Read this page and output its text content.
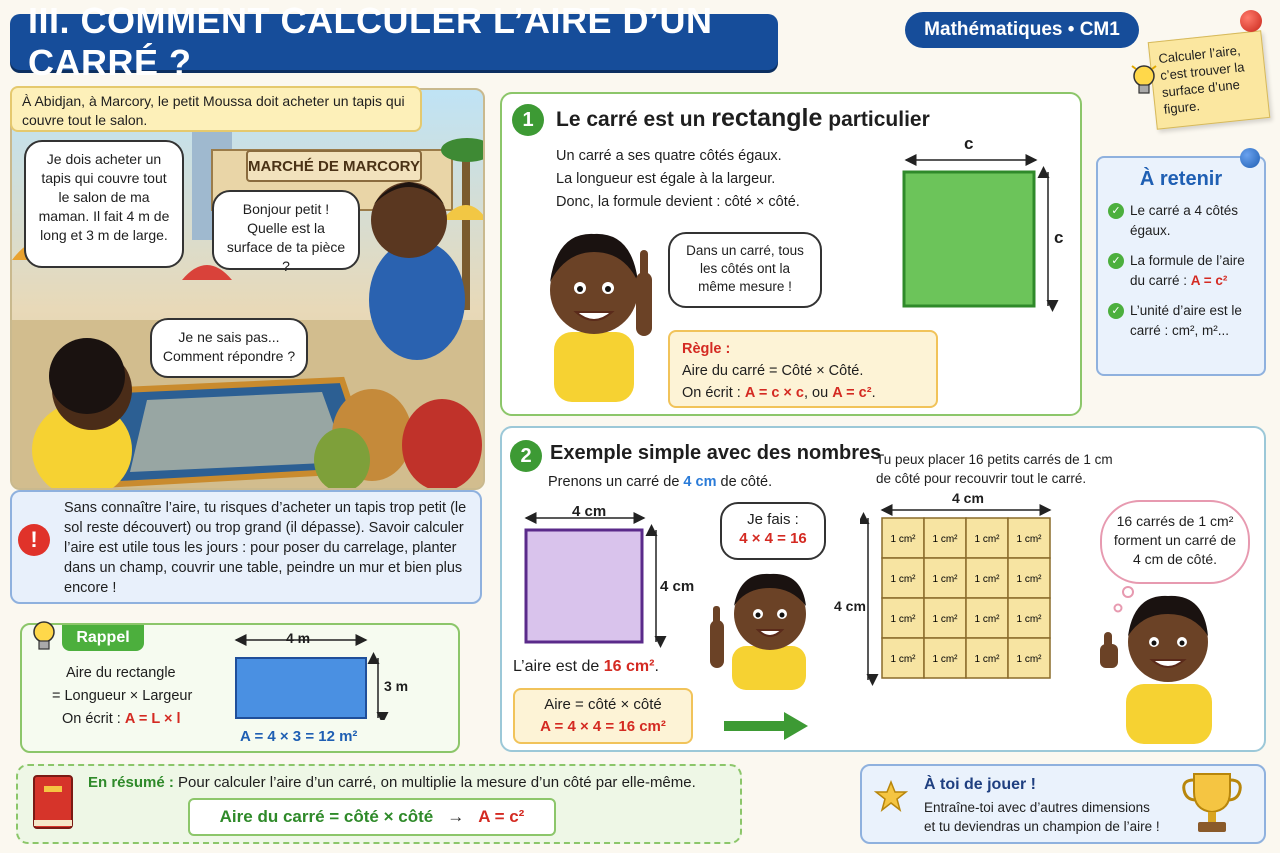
III. COMMENT CALCULER L’AIRE D’UN CARRÉ ?
Mathématiques • CM1
Calculer l’aire, c’est trouver la surface d’une figure.
À Abidjan, à Marcory, le petit Moussa doit acheter un tapis qui couvre tout le salon.
MARCHÉ DE MARCORY
Je dois acheter un tapis qui couvre tout le salon de ma maman. Il fait 4 m de long et 3 m de large.
Bonjour petit ! Quelle est la surface de ta pièce ?
Je ne sais pas... Comment répondre ?
Sans connaître l’aire, tu risques d’acheter un tapis trop petit (le sol reste découvert) ou trop grand (il dépasse). Savoir calculer l’aire est utile tous les jours : pour poser du carrelage, planter dans un champ, couvrir une table, peindre un mur et bien plus encore !
!
Rappel
Aire du rectangle
= Longueur × Largeur
On écrit : A = L × l
4 m
3 m
A = 4 × 3 = 12 m²
1	Le carré est un rectangle particulier
Un carré a ses quatre côtés égaux.
La longueur est égale à la largeur.
Donc, la formule devient : côté × côté.
Dans un carré, tous les côtés ont la même mesure !
Règle :
Aire du carré = Côté × Côté.
On écrit : A = c × c, ou A = c².
c
c
À retenir
✓ Le carré a 4 côtés égaux.
✓ La formule de l’aire du carré : A = c²
✓ L’unité d’aire est le carré : cm², m²...
2 Exemple simple avec des nombres
Prenons un carré de 4 cm de côté.
4 cm
4 cm
Je fais :
4 × 4 = 16
L’aire est de 16 cm².
Aire = côté × côté
A = 4 × 4 = 16 cm²
Tu peux placer 16 petits carrés de 1 cm de côté pour recouvrir tout le carré.
4 cm
4 cm
1 cm² 1 cm² 1 cm² 1 cm²
1 cm² 1 cm² 1 cm² 1 cm²
1 cm² 1 cm² 1 cm² 1 cm²
1 cm² 1 cm² 1 cm² 1 cm²
16 carrés de 1 cm² forment un carré de 4 cm de côté.
En résumé : Pour calculer l’aire d’un carré, on multiplie la mesure d’un côté par elle-même.
Aire du carré = côté × côté → A = c²
À toi de jouer !
Entraîne-toi avec d’autres dimensions
et tu deviendras un champion de l’aire !
